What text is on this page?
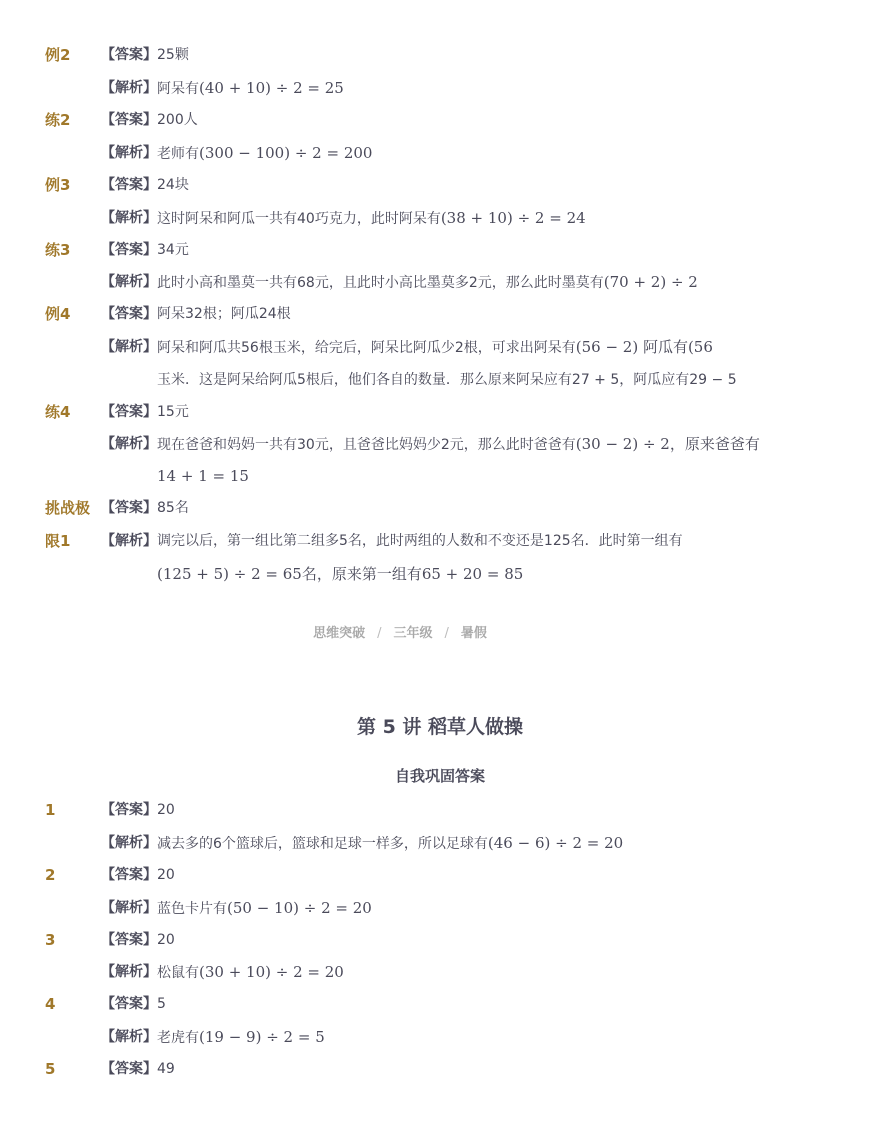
例2 【答案】 25颗
【解析】 阿呆有(40 + 10) ÷ 2 = 25
练2 【答案】 200人
【解析】 老师有(300 − 100) ÷ 2 = 200
例3 【答案】 24块
【解析】 这时阿呆和阿瓜一共有40巧克力，此时阿呆有(38 + 10) ÷ 2 = 24
练3 【答案】 34元
【解析】 此时小高和墨莫一共有68元，且此时小高比墨莫多2元，那么此时墨莫有(70 + 2) ÷ 2
例4 【答案】 阿呆32根；阿瓜24根
【解析】 阿呆和阿瓜共56根玉米，给完后，阿呆比阿瓜少2根，可求出阿呆有(56 − 2) 阿瓜有(56
玉米．这是阿呆给阿瓜5根后，他们各自的数量．那么原来阿呆应有27 + 5，阿瓜应有29 − 5
练4 【答案】 15元
【解析】 现在爸爸和妈妈一共有30元，且爸爸比妈妈少2元，那么此时爸爸有(30 − 2) ÷ 2，原来爸爸有
14 + 1 = 15
挑战极 【答案】 85名
限1 【解析】 调完以后，第一组比第二组多5名，此时两组的人数和不变还是125名．此时第一组有
(125 + 5) ÷ 2 = 65名，原来第一组有65 + 20 = 85
思维突破 / 三年级 / 暑假
第 5 讲 稻草人做操
自我巩固答案
1	【答案】 20
【解析】 减去多的6个篮球后，篮球和足球一样多，所以足球有(46 − 6) ÷ 2 = 20
2	【答案】 20
【解析】 蓝色卡片有(50 − 10) ÷ 2 = 20
3	【答案】 20
【解析】 松鼠有(30 + 10) ÷ 2 = 20
4	【答案】 5
【解析】 老虎有(19 − 9) ÷ 2 = 5
5	【答案】 49
